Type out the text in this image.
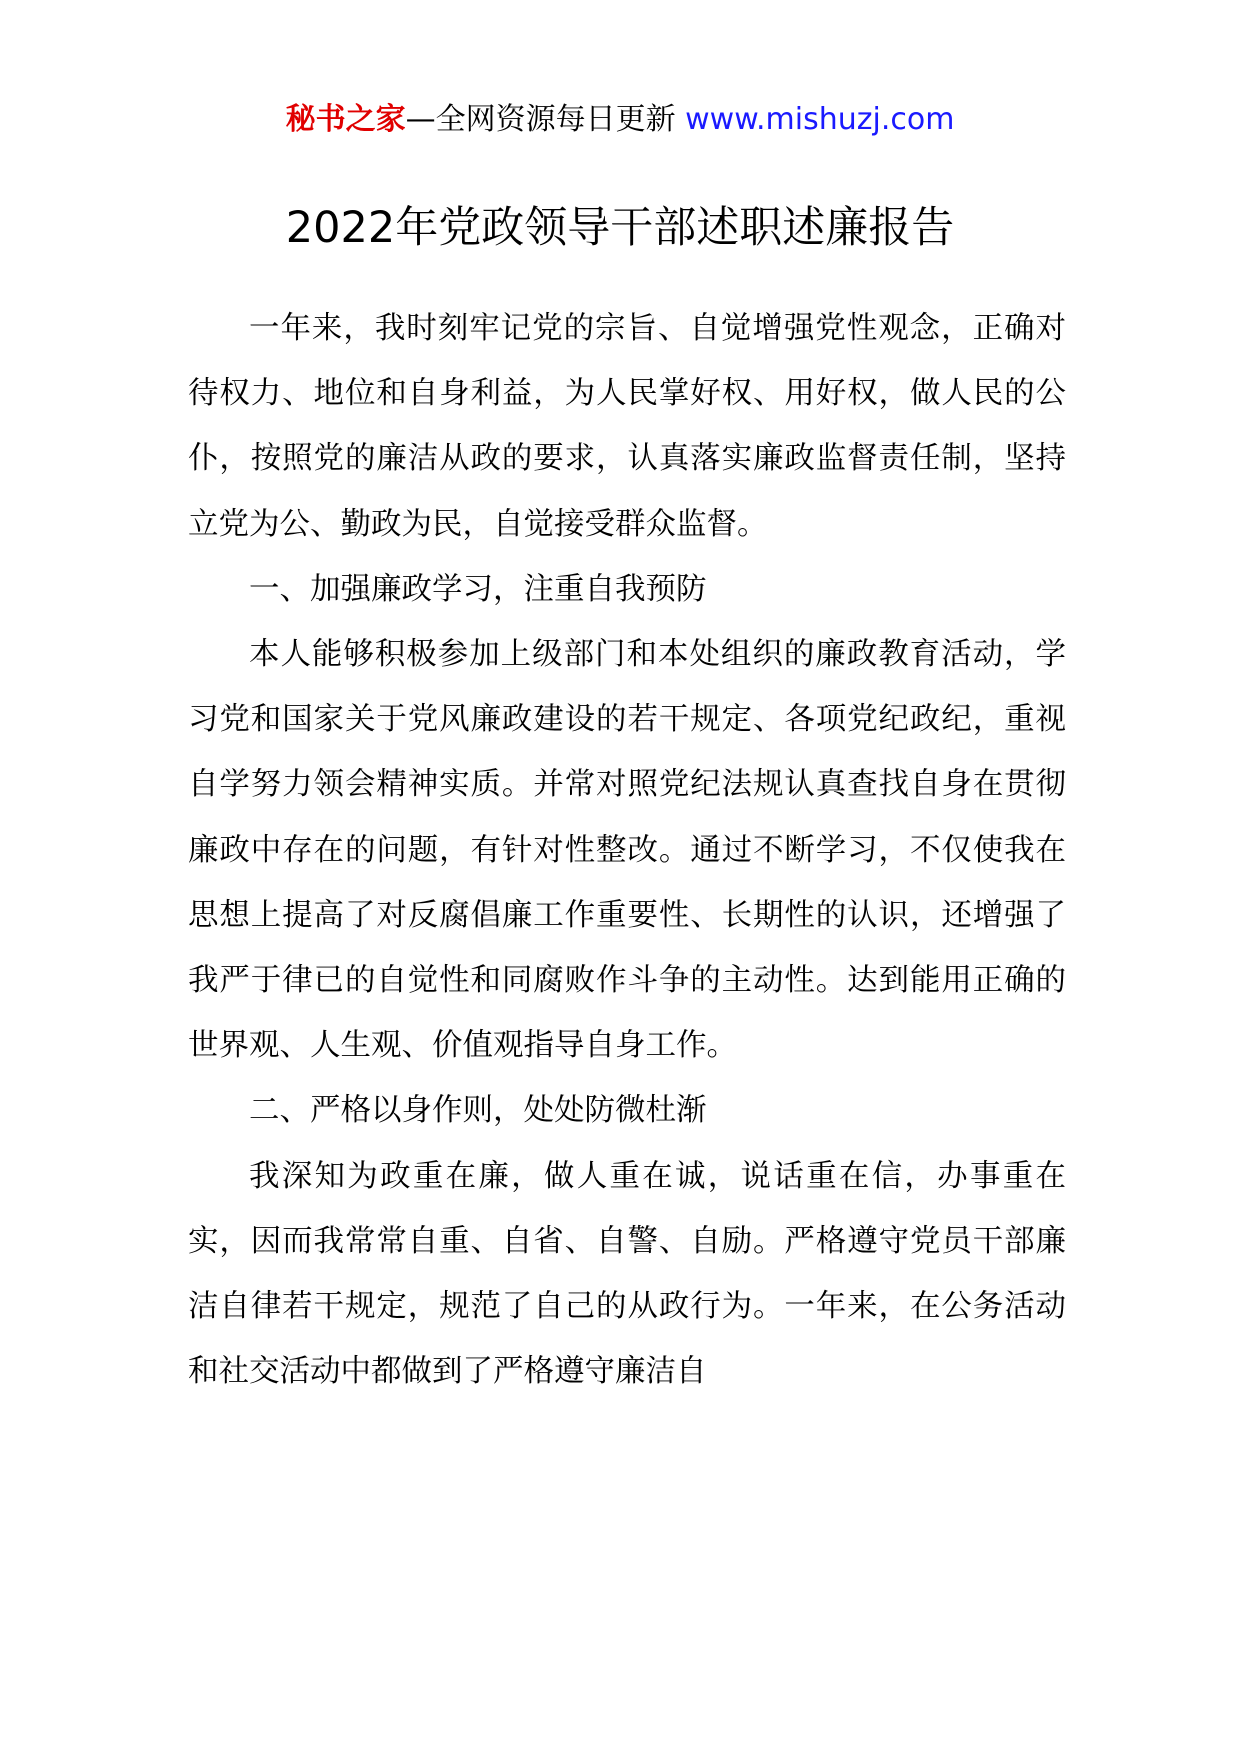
秘书之家—全网资源每日更新 www.mishuzj.com
2022年党政领导干部述职述廉报告

一年来，我时刻牢记党的宗旨、自觉增强党性观念，正确对待权力、地位和自身利益，为人民掌好权、用好权，做人民的公仆，按照党的廉洁从政的要求，认真落实廉政监督责任制，坚持立党为公、勤政为民，自觉接受群众监督。

一、加强廉政学习，注重自我预防

本人能够积极参加上级部门和本处组织的廉政教育活动，学习党和国家关于党风廉政建设的若干规定、各项党纪政纪，重视自学努力领会精神实质。并常对照党纪法规认真查找自身在贯彻廉政中存在的问题，有针对性整改。通过不断学习，不仅使我在思想上提高了对反腐倡廉工作重要性、长期性的认识，还增强了我严于律已的自觉性和同腐败作斗争的主动性。达到能用正确的世界观、人生观、价值观指导自身工作。

二、严格以身作则，处处防微杜渐

我深知为政重在廉，做人重在诚，说话重在信，办事重在实，因而我常常自重、自省、自警、自励。严格遵守党员干部廉洁自律若干规定，规范了自己的从政行为。一年来，在公务活动和社交活动中都做到了严格遵守廉洁自
